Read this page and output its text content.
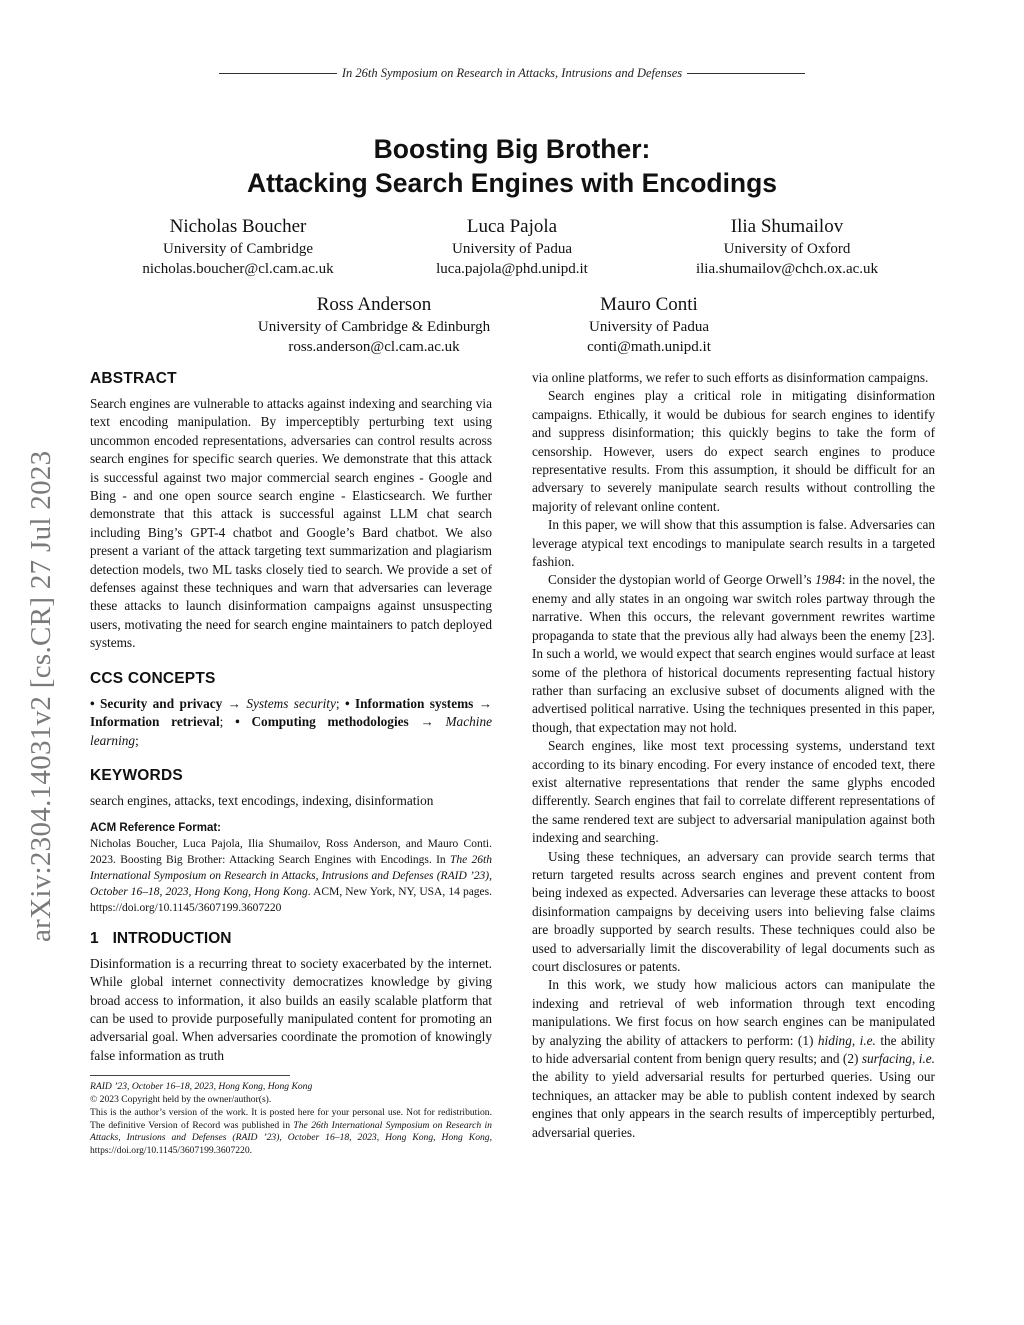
In 26th Symposium on Research in Attacks, Intrusions and Defenses
Boosting Big Brother:
Attacking Search Engines with Encodings
Nicholas Boucher
University of Cambridge
nicholas.boucher@cl.cam.ac.uk
Luca Pajola
University of Padua
luca.pajola@phd.unipd.it
Ilia Shumailov
University of Oxford
ilia.shumailov@chch.ox.ac.uk
Ross Anderson
University of Cambridge & Edinburgh
ross.anderson@cl.cam.ac.uk
Mauro Conti
University of Padua
conti@math.unipd.it
arXiv:2304.14031v2 [cs.CR] 27 Jul 2023
ABSTRACT

Search engines are vulnerable to attacks against indexing and searching via text encoding manipulation. By imperceptibly perturbing text using uncommon encoded representations, adversaries can control results across search engines for specific search queries. We demonstrate that this attack is successful against two major commercial search engines - Google and Bing - and one open source search engine - Elasticsearch. We further demonstrate that this attack is successful against LLM chat search including Bing’s GPT-4 chatbot and Google’s Bard chatbot. We also present a variant of the attack targeting text summarization and plagiarism detection models, two ML tasks closely tied to search. We provide a set of defenses against these techniques and warn that adversaries can leverage these attacks to launch disinformation campaigns against unsuspecting users, motivating the need for search engine maintainers to patch deployed systems.

CCS CONCEPTS

• Security and privacy → Systems security; • Information systems → Information retrieval; • Computing methodologies → Machine learning;

KEYWORDS

search engines, attacks, text encodings, indexing, disinformation

ACM Reference Format:

Nicholas Boucher, Luca Pajola, Ilia Shumailov, Ross Anderson, and Mauro Conti. 2023. Boosting Big Brother: Attacking Search Engines with Encodings. In The 26th International Symposium on Research in Attacks, Intrusions and Defenses (RAID ’23), October 16–18, 2023, Hong Kong, Hong Kong. ACM, New York, NY, USA, 14 pages. https://doi.org/10.1145/3607199.3607220

1 INTRODUCTION

Disinformation is a recurring threat to society exacerbated by the internet. While global internet connectivity democratizes knowledge by giving broad access to information, it also builds an easily scalable platform that can be used to provide purposefully manipulated content for promoting an adversarial goal. When adversaries coordinate the promotion of knowingly false information as truth

RAID ’23, October 16–18, 2023, Hong Kong, Hong Kong
© 2023 Copyright held by the owner/author(s).
This is the author’s version of the work. It is posted here for your personal use. Not for redistribution. The definitive Version of Record was published in The 26th International Symposium on Research in Attacks, Intrusions and Defenses (RAID ’23), October 16–18, 2023, Hong Kong, Hong Kong, https://doi.org/10.1145/3607199.3607220.

via online platforms, we refer to such efforts as disinformation campaigns.

Search engines play a critical role in mitigating disinformation campaigns. Ethically, it would be dubious for search engines to identify and suppress disinformation; this quickly begins to take the form of censorship. However, users do expect search engines to produce representative results. From this assumption, it should be difficult for an adversary to severely manipulate search results without controlling the majority of relevant online content.

In this paper, we will show that this assumption is false. Adversaries can leverage atypical text encodings to manipulate search results in a targeted fashion.

Consider the dystopian world of George Orwell’s 1984: in the novel, the enemy and ally states in an ongoing war switch roles partway through the narrative. When this occurs, the relevant government rewrites wartime propaganda to state that the previous ally had always been the enemy [23]. In such a world, we would expect that search engines would surface at least some of the plethora of historical documents representing factual history rather than surfacing an exclusive subset of documents aligned with the advertised political narrative. Using the techniques presented in this paper, though, that expectation may not hold.

Search engines, like most text processing systems, understand text according to its binary encoding. For every instance of encoded text, there exist alternative representations that render the same glyphs encoded differently. Search engines that fail to correlate different representations of the same rendered text are subject to adversarial manipulation against both indexing and searching.

Using these techniques, an adversary can provide search terms that return targeted results across search engines and prevent content from being indexed as expected. Adversaries can leverage these attacks to boost disinformation campaigns by deceiving users into believing false claims are broadly supported by search results. These techniques could also be used to adversarially limit the discoverability of legal documents such as court disclosures or patents.

In this work, we study how malicious actors can manipulate the indexing and retrieval of web information through text encoding manipulations. We first focus on how search engines can be manipulated by analyzing the ability of attackers to perform: (1) hiding, i.e. the ability to hide adversarial content from benign query results; and (2) surfacing, i.e. the ability to yield adversarial results for perturbed queries. Using our techniques, an attacker may be able to publish content indexed by search engines that only appears in the search results of imperceptibly perturbed, adversarial queries.
